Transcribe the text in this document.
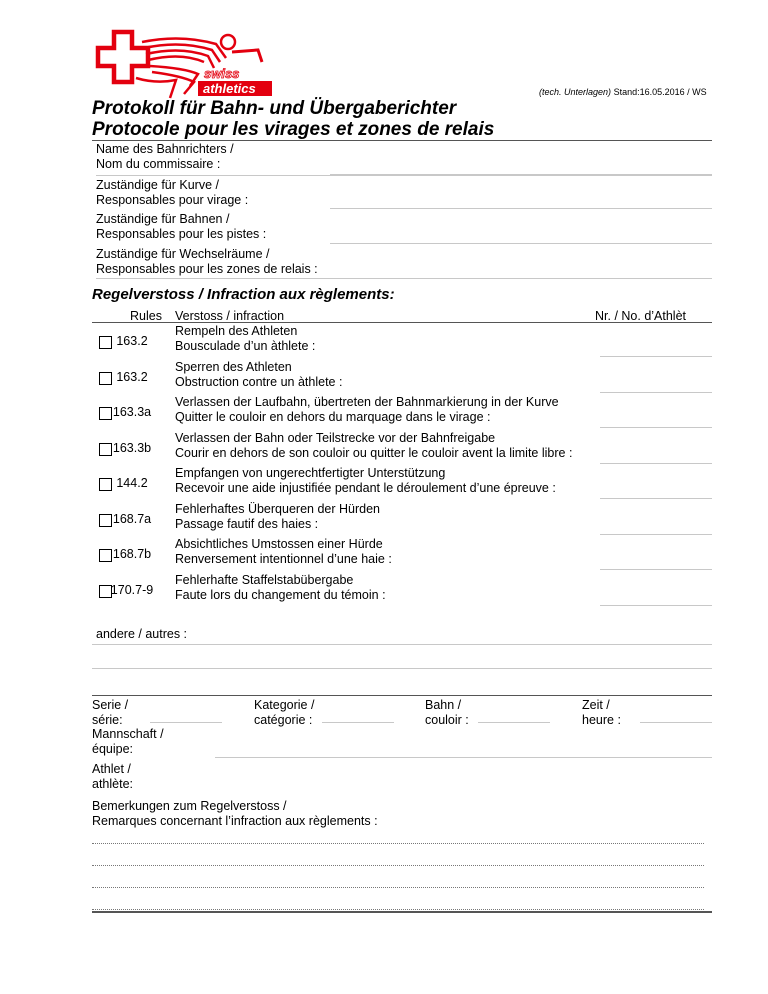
swiss
athletics	(tech. Unterlagen) Stand:16.05.2016 / WS
Protokoll für Bahn- und Übergaberichter
Protocole pour les virages et zones de relais
Name des Bahnrichters /
Nom du commissaire :
Zuständige für Kurve /
Responsables pour virage :
Zuständige für Bahnen /
Responsables pour les pistes :
Zuständige für Wechselräume /
Responsables pour les zones de relais :
Regelverstoss / Infraction aux règlements:
Rules Verstoss / infraction	Nr. / No. d’Athlèt
163.2
Rempeln des Athleten
Bousculade d’un àthlete :
163.2
Sperren des Athleten
Obstruction contre un àthlete :
163.3a
Verlassen der Laufbahn, übertreten der Bahnmarkierung in der Kurve
Quitter le couloir en dehors du marquage dans le virage :
163.3b
Verlassen der Bahn oder Teilstrecke vor der Bahnfreigabe
Courir en dehors de son couloir ou quitter le couloir avent la limite libre :
144.2
Empfangen von ungerechtfertigter Unterstützung
Recevoir une aide injustifiée pendant le déroulement d’une épreuve :
168.7a
Fehlerhaftes Überqueren der Hürden
Passage fautif des haies :
168.7b
Absichtliches Umstossen einer Hürde
Renversement intentionnel d’une haie :
170.7-9
Fehlerhafte Staffelstabübergabe
Faute lors du changement du témoin :
andere / autres :
Serie /
série:
Kategorie /
catégorie :
Bahn /
couloir :
Zeit /
heure :
Mannschaft /
équipe:
Athlet /
athlète:
Bemerkungen zum Regelverstoss /
Remarques concernant l’infraction aux règlements :
